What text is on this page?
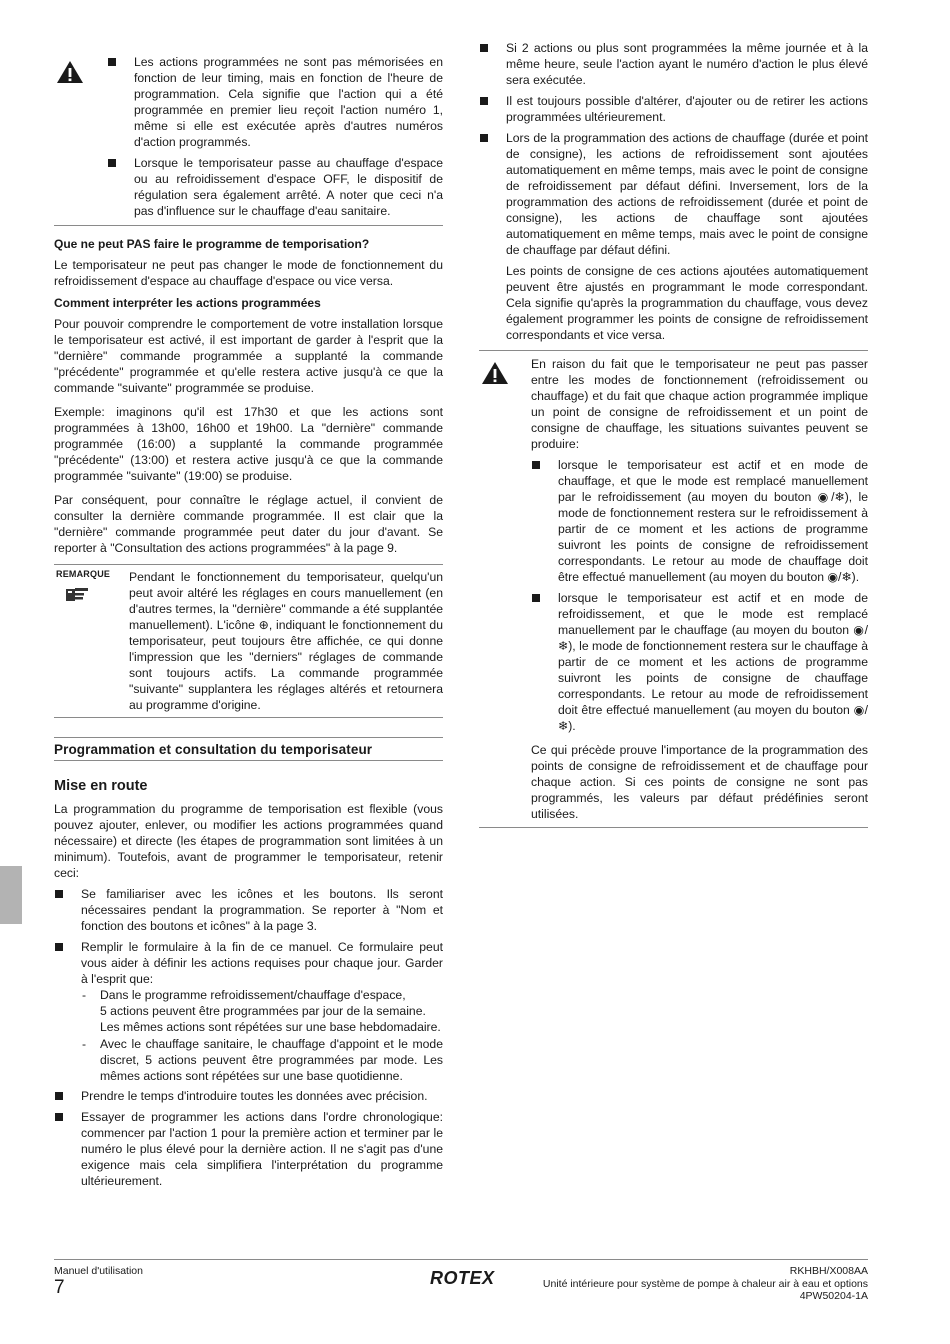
Les actions programmées ne sont pas mémorisées en fonction de leur timing, mais en fonction de l'heure de programmation. Cela signifie que l'action qui a été programmée en premier lieu reçoit l'action numéro 1, même si elle est exécutée après d'autres numéros d'action programmés.

Lorsque le temporisateur passe au chauffage d'espace ou au refroidissement d'espace OFF, le dispositif de régulation sera également arrêté. A noter que ceci n'a pas d'influence sur le chauffage d'eau sanitaire.

Que ne peut PAS faire le programme de temporisation?

Le temporisateur ne peut pas changer le mode de fonctionnement du refroidissement d'espace au chauffage d'espace ou vice versa.

Comment interpréter les actions programmées

Pour pouvoir comprendre le comportement de votre installation lorsque le temporisateur est activé, il est important de garder à l'esprit que la "dernière" commande programmée a supplanté la commande "précédente" programmée et qu'elle restera active jusqu'à ce que la commande "suivante" programmée se produise.

Exemple: imaginons qu'il est 17h30 et que les actions sont programmées à 13h00, 16h00 et 19h00. La "dernière" commande programmée (16:00) a supplanté la commande programmée "précédente" (13:00) et restera active jusqu'à ce que la commande programmée "suivante" (19:00) se produise.

Par conséquent, pour connaître le réglage actuel, il convient de consulter la dernière commande programmée. Il est clair que la "dernière" commande programmée peut dater du jour d'avant. Se reporter à "Consultation des actions programmées" à la page 9.

REMARQUE Pendant le fonctionnement du temporisateur, quelqu'un peut avoir altéré les réglages en cours manuellement (en d'autres termes, la "dernière" commande a été supplantée manuellement). L'icône ⊕, indiquant le fonctionnement du temporisateur, peut toujours être affichée, ce qui donne l'impression que les "derniers" réglages de commande sont toujours actifs. La commande programmée "suivante" supplantera les réglages altérés et retournera au programme d'origine.

Programmation et consultation du temporisateur
Mise en route

La programmation du programme de temporisation est flexible (vous pouvez ajouter, enlever, ou modifier les actions programmées quand nécessaire) et directe (les étapes de programmation sont limitées à un minimum). Toutefois, avant de programmer le temporisateur, retenir ceci:

Se familiariser avec les icônes et les boutons. Ils seront nécessaires pendant la programmation. Se reporter à "Nom et fonction des boutons et icônes" à la page 3.

Remplir le formulaire à la fin de ce manuel. Ce formulaire peut vous aider à définir les actions requises pour chaque jour. Garder à l'esprit que:

- Dans le programme refroidissement/chauffage d'espace,
5 actions peuvent être programmées par jour de la semaine. Les mêmes actions sont répétées sur une base hebdomadaire.

- Avec le chauffage sanitaire, le chauffage d'appoint et le mode discret, 5 actions peuvent être programmées par mode. Les mêmes actions sont répétées sur une base quotidienne.

Prendre le temps d'introduire toutes les données avec précision.

Essayer de programmer les actions dans l'ordre chronologique: commencer par l'action 1 pour la première action et terminer par le numéro le plus élevé pour la dernière action. Il ne s'agit pas d'une exigence mais cela simplifiera l'interprétation du programme ultérieurement.

Si 2 actions ou plus sont programmées la même journée et à la même heure, seule l'action ayant le numéro d'action le plus élevé sera exécutée.

Il est toujours possible d'altérer, d'ajouter ou de retirer les actions programmées ultérieurement.

Lors de la programmation des actions de chauffage (durée et point de consigne), les actions de refroidissement sont ajoutées automatiquement en même temps, mais avec le point de consigne de refroidissement par défaut défini. Inversement, lors de la programmation des actions de refroidissement (durée et point de consigne), les actions de chauffage sont ajoutées automatiquement en même temps, mais avec le point de consigne de chauffage par défaut défini.

Les points de consigne de ces actions ajoutées automatiquement peuvent être ajustés en programmant le mode correspondant. Cela signifie qu'après la programmation du chauffage, vous devez également programmer les points de consigne de refroidissement correspondants et vice versa.

En raison du fait que le temporisateur ne peut pas passer entre les modes de fonctionnement (refroidissement ou chauffage) et du fait que chaque action programmée implique un point de consigne de refroidissement et un point de consigne de chauffage, les situations suivantes peuvent se produire:

lorsque le temporisateur est actif et en mode de chauffage, et que le mode est remplacé manuellement par le refroidissement (au moyen du bouton ◉/❄), le mode de fonctionnement restera sur le refroidissement à partir de ce moment et les actions de programme suivront les points de consigne de refroidissement correspondants. Le retour au mode de chauffage doit être effectué manuellement (au moyen du bouton ◉/❄).

lorsque le temporisateur est actif et en mode de refroidissement, et que le mode est remplacé manuellement par le chauffage (au moyen du bouton ◉/❄), le mode de fonctionnement restera sur le chauffage à partir de ce moment et les actions de programme suivront les points de consigne de chauffage correspondants. Le retour au mode de refroidissement doit être effectué manuellement (au moyen du bouton ◉/❄).

Ce qui précède prouve l'importance de la programmation des points de consigne de refroidissement et de chauffage pour chaque action. Si ces points de consigne ne sont pas programmés, les valeurs par défaut prédéfinies seront utilisées.

Manuel d'utilisation
7	ROTEX	RKHBH/X008AA
Unité intérieure pour système de pompe à chaleur air à eau et options
4PW50204-1A
